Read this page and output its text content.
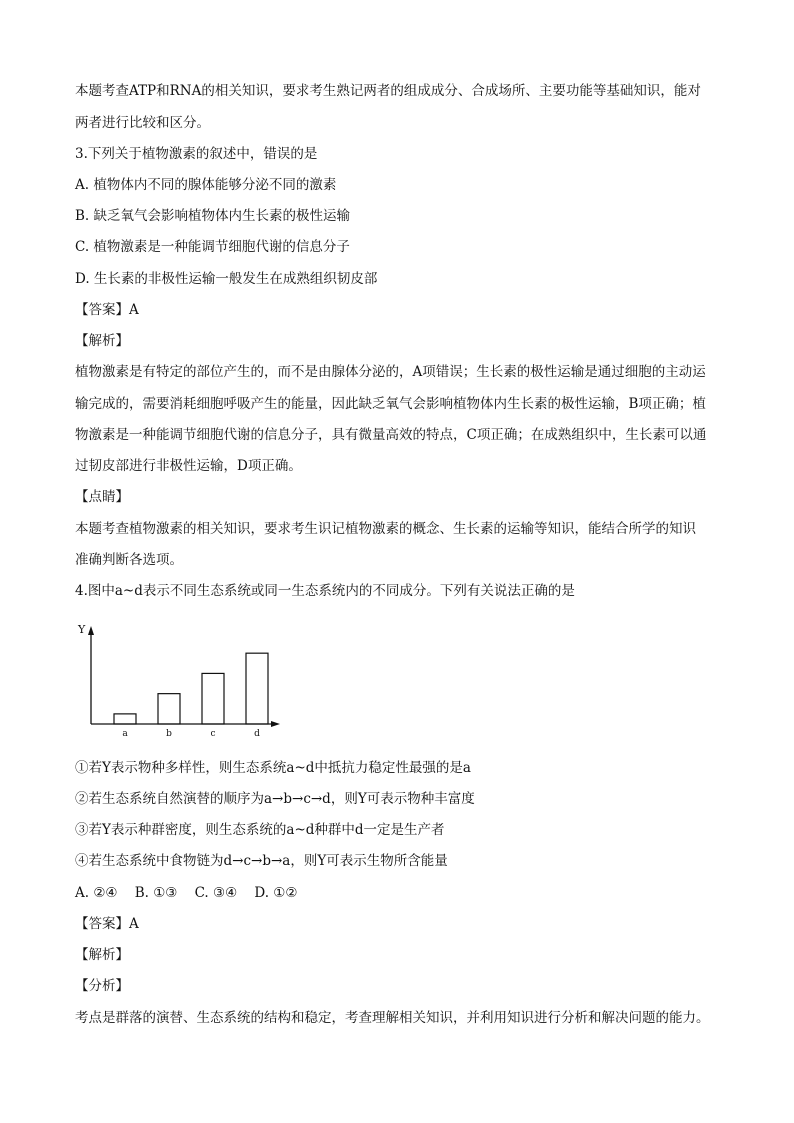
本题考查ATP和RNA的相关知识，要求考生熟记两者的组成成分、合成场所、主要功能等基础知识，能对
两者进行比较和区分。
3.下列关于植物激素的叙述中，错误的是
A. 植物体内不同的腺体能够分泌不同的激素
B. 缺乏氧气会影响植物体内生长素的极性运输
C. 植物激素是一种能调节细胞代谢的信息分子
D. 生长素的非极性运输一般发生在成熟组织韧皮部
【答案】A
【解析】
植物激素是有特定的部位产生的，而不是由腺体分泌的，A项错误；生长素的极性运输是通过细胞的主动运
输完成的，需要消耗细胞呼吸产生的能量，因此缺乏氧气会影响植物体内生长素的极性运输，B项正确；植
物激素是一种能调节细胞代谢的信息分子，具有微量高效的特点，C项正确；在成熟组织中，生长素可以通
过韧皮部进行非极性运输，D项正确。
【点睛】
本题考查植物激素的相关知识，要求考生识记植物激素的概念、生长素的运输等知识，能结合所学的知识
准确判断各选项。
4.图中a~d表示不同生态系统或同一生态系统内的不同成分。下列有关说法正确的是
Y
a	b	c	d
①若Y表示物种多样性，则生态系统a~d中抵抗力稳定性最强的是a
②若生态系统自然演替的顺序为a→b→c→d，则Y可表示物种丰富度
③若Y表示种群密度，则生态系统的a~d种群中d一定是生产者
④若生态系统中食物链为d→c→b→a，则Y可表示生物所含能量
A. ②④    B. ①③    C. ③④    D. ①②
【答案】A
【解析】
【分析】
考点是群落的演替、生态系统的结构和稳定，考查理解相关知识，并利用知识进行分析和解决问题的能力。
